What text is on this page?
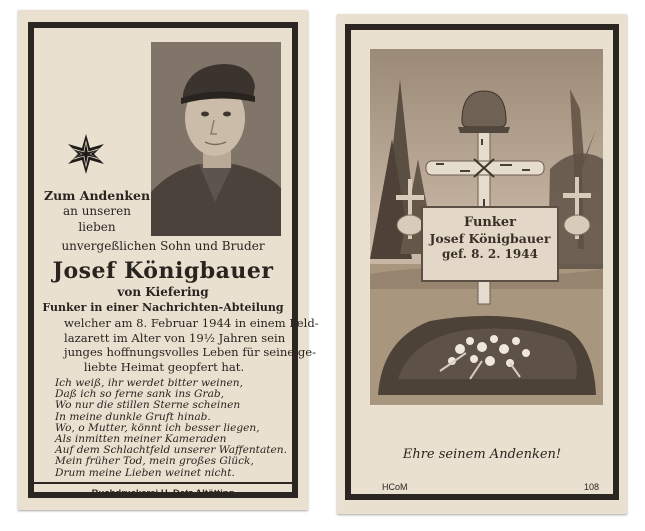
Zum Andenken
an unseren
lieben
unvergeßlichen Sohn und Bruder
Josef Königbauer
von Kiefering
Funker in einer Nachrichten-Abteilung
welcher am 8. Februar 1944 in einem Feld-
lazarett im Alter von 19½ Jahren sein
junges hoffnungsvolles Leben für seine ge-
liebte Heimat geopfert hat.
Ich weiß, ihr werdet bitter weinen,
Daß ich so ferne sank ins Grab,
Wo nur die stillen Sterne scheinen
In meine dunkle Gruft hinab.
Wo, o Mutter, könnt ich besser liegen,
Als inmitten meiner Kameraden
Auf dem Schlachtfeld unserer Waffentaten.
Mein früher Tod, mein großes Glück,
Drum meine Lieben weinet nicht.
Buchdruckerei H. Datz Altötting
Funker
Josef Königbauer
gef. 8. 2. 1944
Ehre seinem Andenken!
HCoM	108
